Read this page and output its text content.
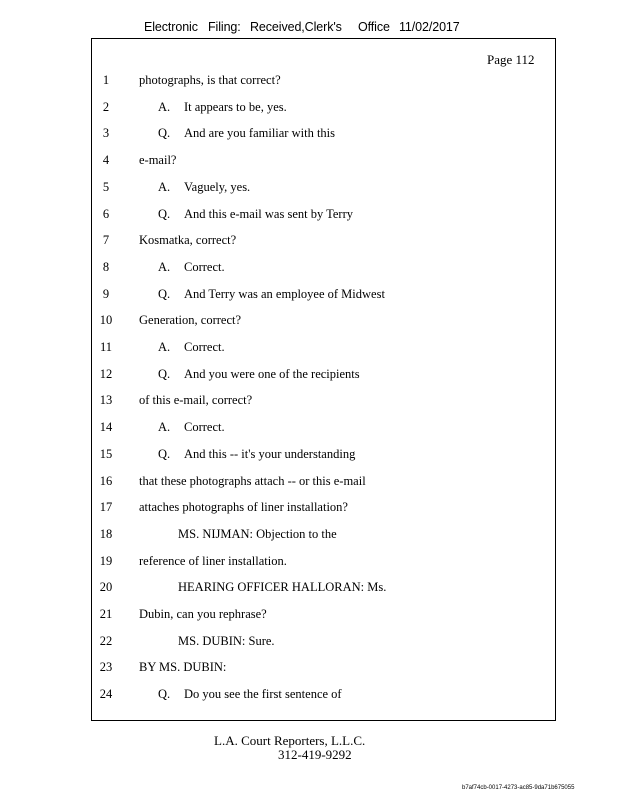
Electronic Filing: Received,Clerk's Office 11/02/2017
Page 112
1	photographs, is that correct?
2	A. It appears to be, yes.
3	Q. And are you familiar with this
4	e-mail?
5	A. Vaguely, yes.
6	Q. And this e-mail was sent by Terry
7	Kosmatka, correct?
8	A. Correct.
9	Q. And Terry was an employee of Midwest
10	Generation, correct?
11	A. Correct.
12	Q. And you were one of the recipients
13	of this e-mail, correct?
14	A. Correct.
15	Q. And this -- it's your understanding
16	that these photographs attach -- or this e-mail
17	attaches photographs of liner installation?
18	MS. NIJMAN: Objection to the
19	reference of liner installation.
20	HEARING OFFICER HALLORAN: Ms.
21	Dubin, can you rephrase?
22	MS. DUBIN: Sure.
23	BY MS. DUBIN:
24	Q. Do you see the first sentence of
L.A. Court Reporters, L.L.C.
312-419-9292
b7af74cb-0017-4273-ac85-9da71b675055
